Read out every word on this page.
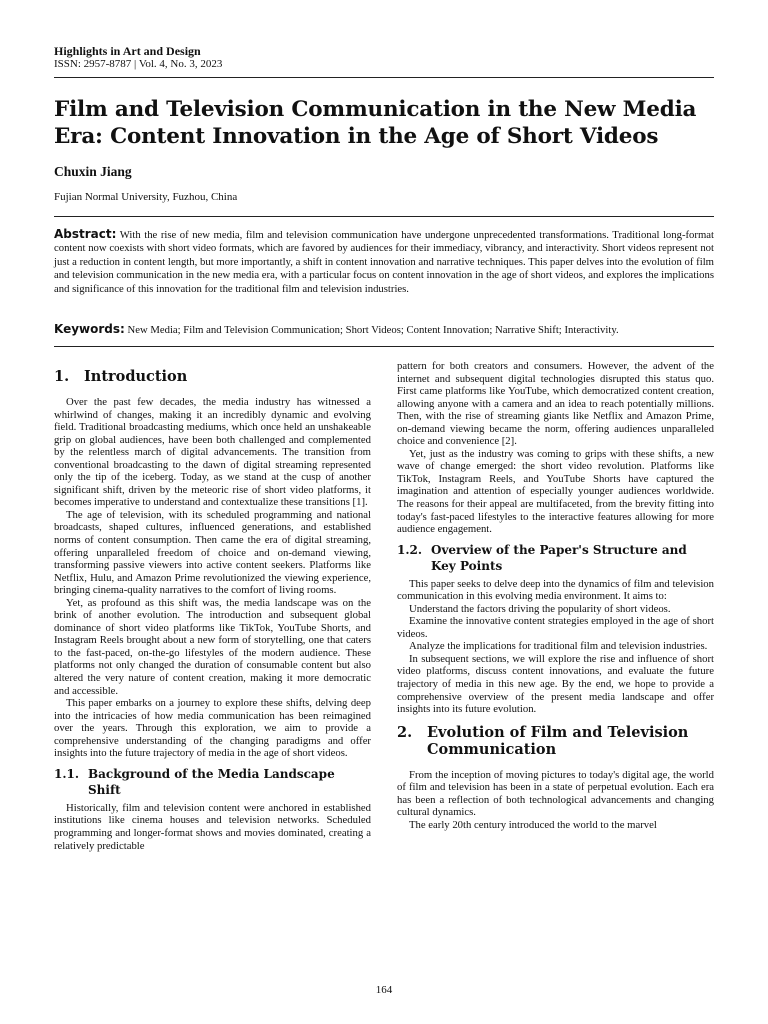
Highlights in Art and Design
ISSN: 2957-8787 | Vol. 4, No. 3, 2023
Film and Television Communication in the New Media Era: Content Innovation in the Age of Short Videos
Chuxin Jiang
Fujian Normal University, Fuzhou, China

Abstract: With the rise of new media, film and television communication have undergone unprecedented transformations. Traditional long-format content now coexists with short video formats, which are favored by audiences for their immediacy, vibrancy, and interactivity. Short videos represent not just a reduction in content length, but more importantly, a shift in content innovation and narrative techniques. This paper delves into the evolution of film and television communication in the new media era, with a particular focus on content innovation in the age of short videos, and explores the implications and significance of this innovation for the traditional film and television industries.

Keywords: New Media; Film and Television Communication; Short Videos; Content Innovation; Narrative Shift; Interactivity.

1.	Introduction

Over the past few decades, the media industry has witnessed a whirlwind of changes, making it an incredibly dynamic and evolving field. Traditional broadcasting mediums, which once held an unshakeable grip on global audiences, have been both challenged and complemented by the relentless march of digital advancements. The transition from conventional broadcasting to the dawn of digital streaming represented only the tip of the iceberg. Today, as we stand at the cusp of another significant shift, driven by the meteoric rise of short video platforms, it becomes imperative to understand and contextualize these transitions [1].

The age of television, with its scheduled programming and national broadcasts, shaped cultures, influenced generations, and established norms of content consumption. Then came the era of digital streaming, offering unparalleled freedom of choice and on-demand viewing, transforming passive viewers into active content seekers. Platforms like Netflix, Hulu, and Amazon Prime revolutionized the viewing experience, bringing cinema-quality narratives to the comfort of living rooms.

Yet, as profound as this shift was, the media landscape was on the brink of another evolution. The introduction and subsequent global dominance of short video platforms like TikTok, YouTube Shorts, and Instagram Reels brought about a new form of storytelling, one that caters to the fast-paced, on-the-go lifestyles of the modern audience. These platforms not only changed the duration of consumable content but also altered the very nature of content creation, making it more democratic and accessible.

This paper embarks on a journey to explore these shifts, delving deep into the intricacies of how media communication has been reimagined over the years. Through this exploration, we aim to provide a comprehensive understanding of the changing paradigms and offer insights into the future trajectory of media in the age of short videos.

1.1. Background of the Media Landscape Shift

Historically, film and television content were anchored in established institutions like cinema houses and television networks. Scheduled programming and longer-format shows and movies dominated, creating a relatively predictable

pattern for both creators and consumers. However, the advent of the internet and subsequent digital technologies disrupted this status quo. First came platforms like YouTube, which democratized content creation, allowing anyone with a camera and an idea to reach potentially millions. Then, with the rise of streaming giants like Netflix and Amazon Prime, on-demand viewing became the norm, offering audiences unparalleled choice and convenience [2].

Yet, just as the industry was coming to grips with these shifts, a new wave of change emerged: the short video revolution. Platforms like TikTok, Instagram Reels, and YouTube Shorts have captured the imagination and attention of especially younger audiences worldwide. The reasons for their appeal are multifaceted, from the brevity fitting into today's fast-paced lifestyles to the interactive features allowing for more audience engagement.

1.2. Overview of the Paper's Structure and Key Points

This paper seeks to delve deep into the dynamics of film and television communication in this evolving media environment. It aims to:

Understand the factors driving the popularity of short videos.

Examine the innovative content strategies employed in the age of short videos.

Analyze the implications for traditional film and television industries.

In subsequent sections, we will explore the rise and influence of short video platforms, discuss content innovations, and evaluate the future trajectory of media in this new age. By the end, we hope to provide a comprehensive overview of the present media landscape and offer insights into its future evolution.

2.	Evolution of Film and Television Communication

From the inception of moving pictures to today's digital age, the world of film and television has been in a state of perpetual evolution. Each era has been a reflection of both technological advancements and changing cultural dynamics.

The early 20th century introduced the world to the marvel

164
